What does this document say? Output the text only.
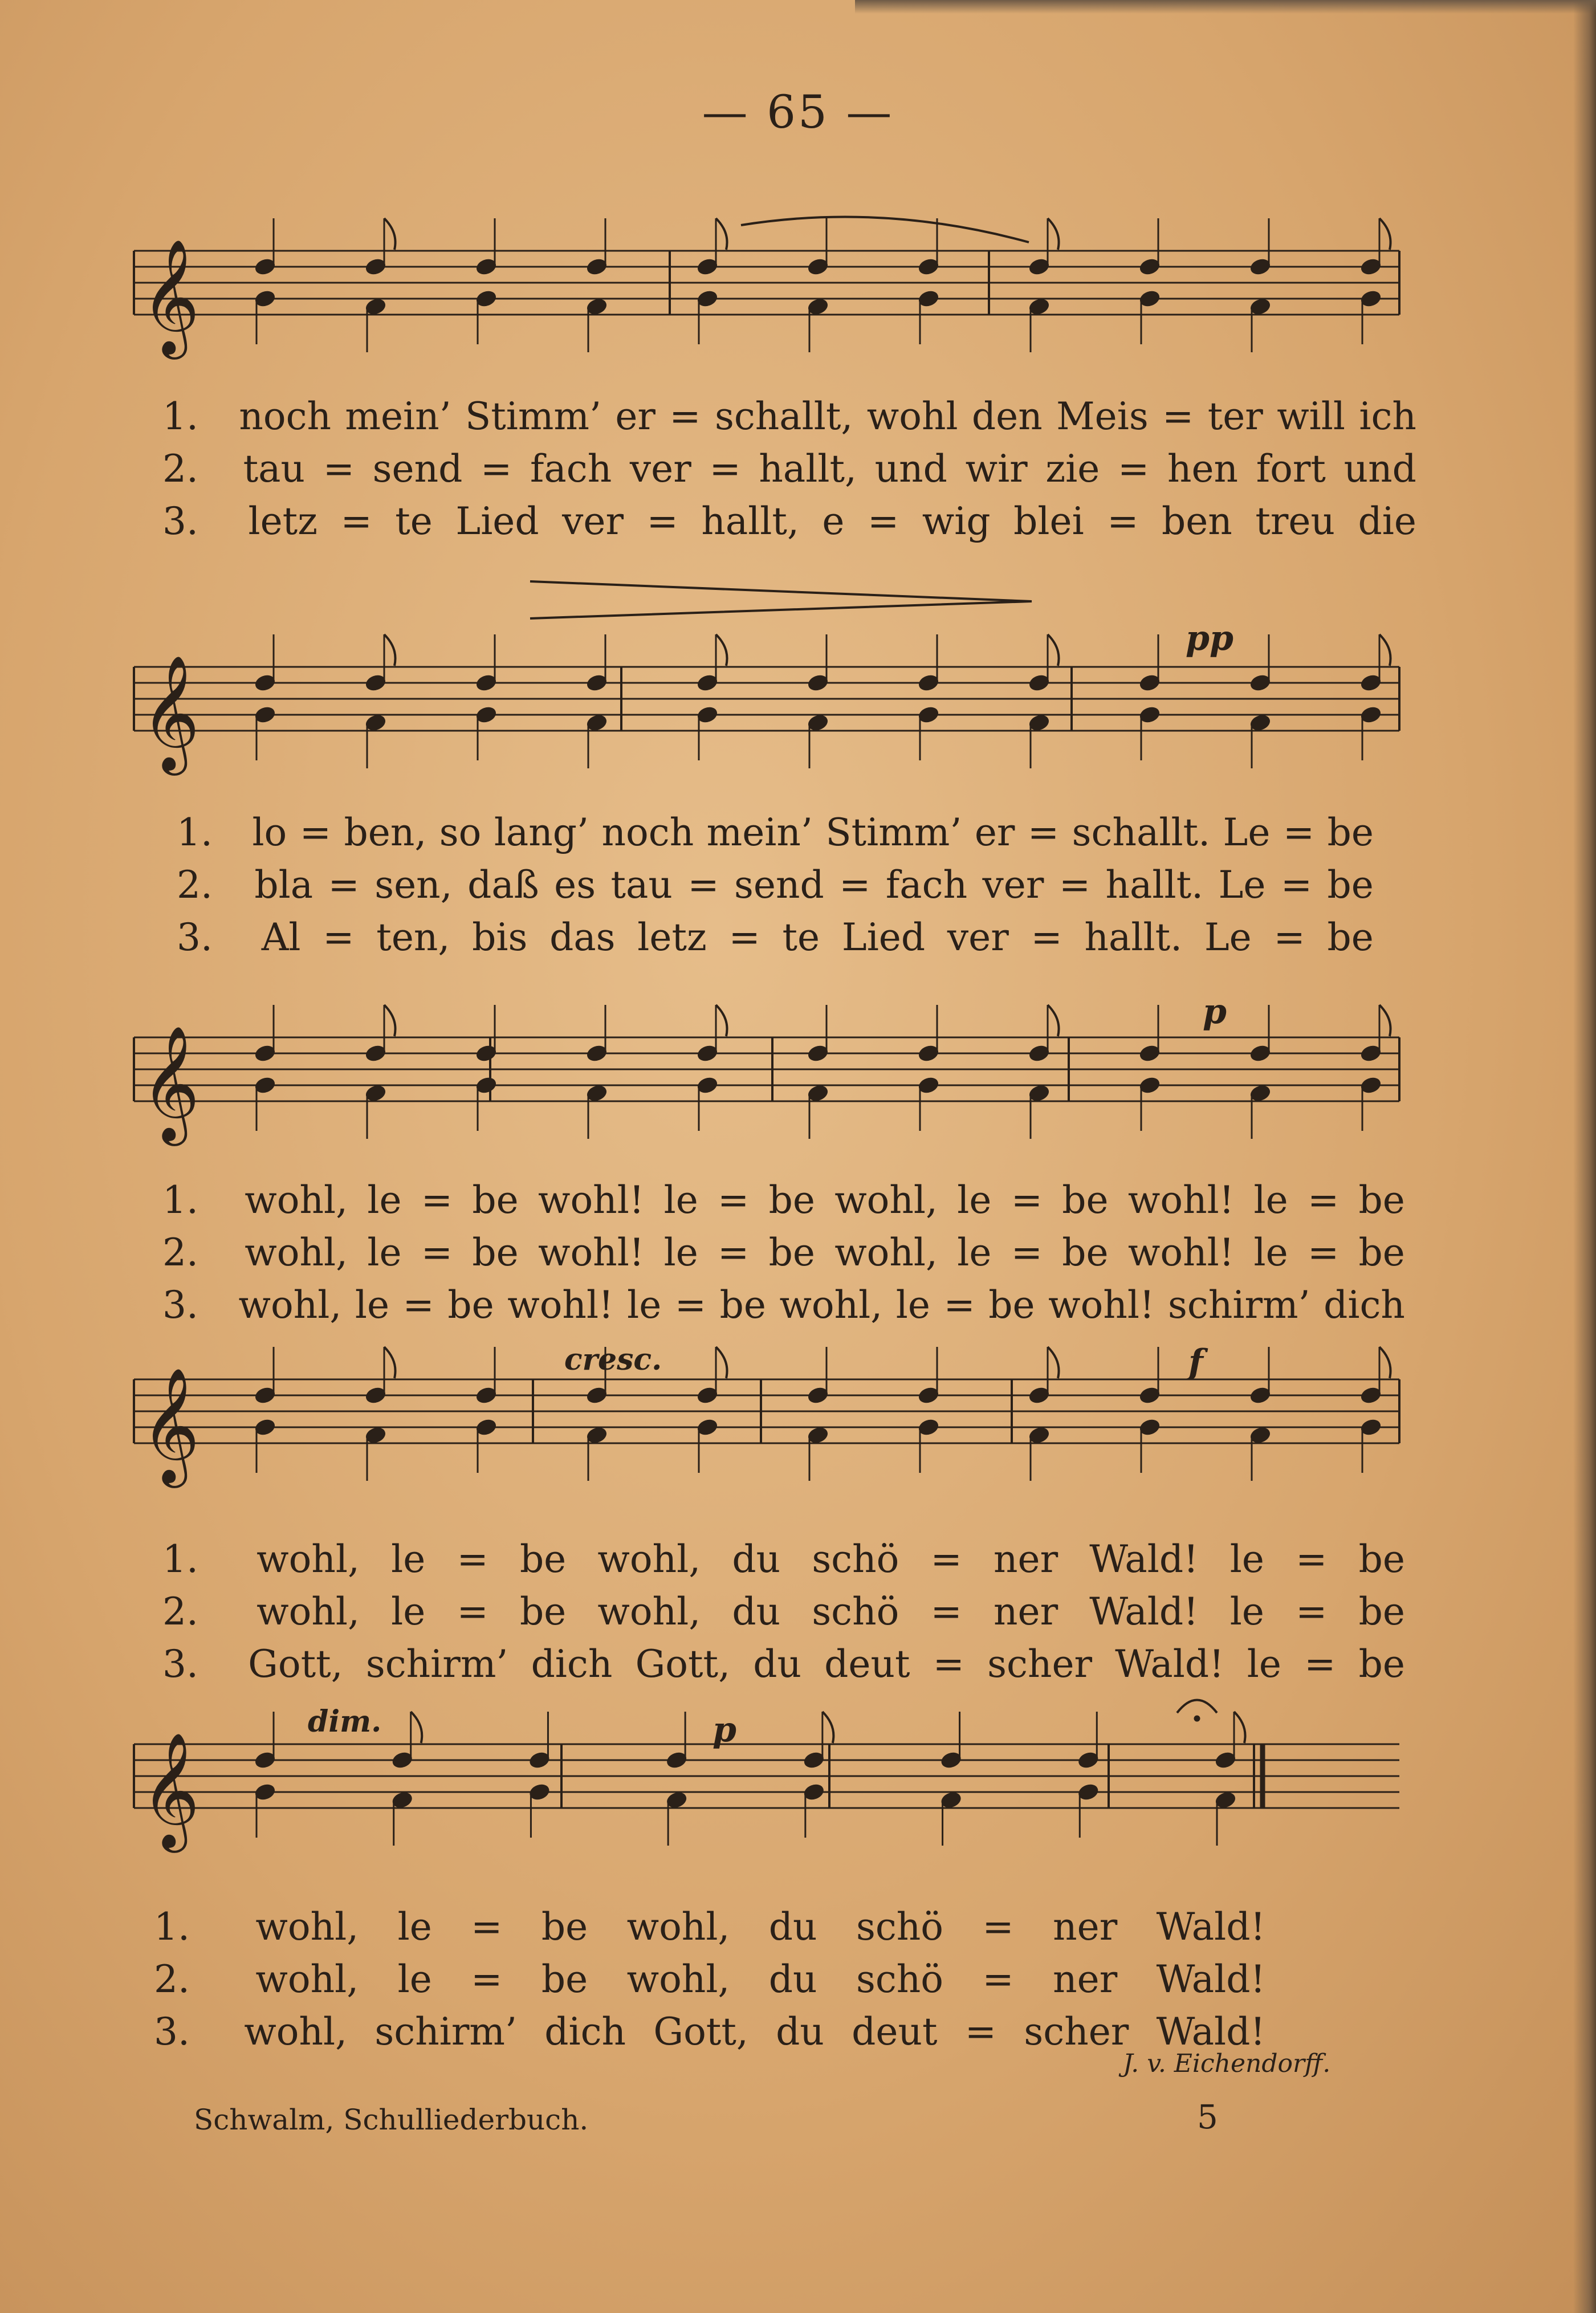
— 65 —
𝄞
𝄞
𝄞
𝄞
𝄞
pp
p
cresc.	f
dim.	p
1.	noch mein’ Stimm’ er = schallt, wohl den Meis = ter will ich
2.	tau = send = fach ver = hallt, und wir zie = hen fort und
3.	letz = te Lied ver = hallt, e = wig blei = ben treu die
1.	lo = ben, so lang’ noch mein’ Stimm’ er = schallt. Le = be
2.	bla = sen, daß es tau = send = fach ver = hallt. Le = be
3.	Al = ten, bis das letz = te Lied ver = hallt. Le = be
1.	wohl, le = be wohl! le = be wohl, le = be wohl! le = be
2.	wohl, le = be wohl! le = be wohl, le = be wohl! le = be
3.	wohl, le = be wohl! le = be wohl, le = be wohl! schirm’ dich
1.	wohl, le = be wohl, du schö = ner Wald! le = be
2.	wohl, le = be wohl, du schö = ner Wald! le = be
3.	Gott, schirm’ dich Gott, du deut = scher Wald! le = be
1.	wohl, le = be wohl, du schö = ner Wald!
2.	wohl, le = be wohl, du schö = ner Wald!
3.	wohl, schirm’ dich Gott, du deut = scher Wald!
J. v. Eichendorff.
Schwalm, Schulliederbuch.	5
